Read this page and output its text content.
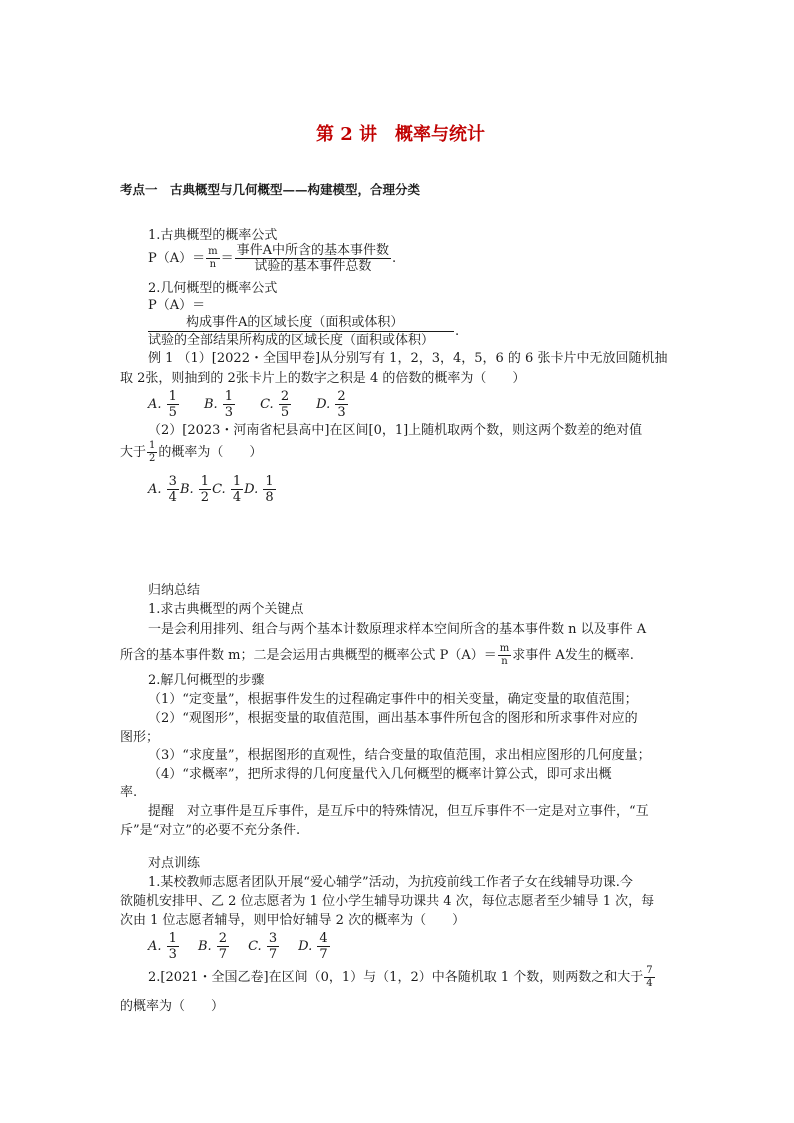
第 2 讲　概率与统计
考点一　古典概型与几何概型——构建模型，合理分类
1.古典概型的概率公式
$P(A)= \frac{m}{n} = \frac{\text{事件A中所含的基本事件数}}{\text{试验的基本事件总数}}$ .
2.几何概型的概率公式
P（A）＝
构成事件A的区域长度（面积或体积）
.
试验的全部结果所构成的区域长度（面积或体积）
例 1 （1）[2022・全国甲卷]从分别写有 1，2，3，4，5，6 的 6 张卡片中无放回随机抽
取 2张，则抽到的 2张卡片上的数字之积是 4 的倍数的概率为（　　）
A.
$\frac{1}{5} B$.
$\frac{1}{3} C$.
$\frac{2}{5} D$.
$\frac{2}{3}$
（2）[2023・河南省杞县高中]在区间[0，1]上随机取两个数，则这两个数差的绝对值
大于 $\frac{1}{2}$ 的概率为（　　）
A.
$\frac{3}{4} B$.
$\frac{1}{2} C$.
$\frac{1}{4} D$.
$\frac{1}{8}$
归纳总结
1.求古典概型的两个关键点
一是会利用排列、组合与两个基本计数原理求样本空间所含的基本事件数 n 以及事件 A
所含的基本事件数 m；二是会运用古典概型的概率公式 $P(A)= \frac{m}{n}$ 求事件 A发生的概率.
2.解几何概型的步骤
（1）“定变量”，根据事件发生的过程确定事件中的相关变量，确定变量的取值范围；
（2）“观图形”，根据变量的取值范围，画出基本事件所包含的图形和所求事件对应的
图形；
（3）“求度量”，根据图形的直观性，结合变量的取值范围，求出相应图形的几何度量；
（4）“求概率”，把所求得的几何度量代入几何概型的概率计算公式，即可求出概
率.
提醒　对立事件是互斥事件，是互斥中的特殊情况，但互斥事件不一定是对立事件，“互
斥”是“对立”的必要不充分条件.
对点训练
1.某校教师志愿者团队开展“爱心辅学”活动，为抗疫前线工作者子女在线辅导功课.今
欲随机安排甲、乙 2 位志愿者为 1 位小学生辅导功课共 4 次，每位志愿者至少辅导 1 次，每
次由 1 位志愿者辅导，则甲恰好辅导 2 次的概率为（　　）
A.
$\frac{1}{3} B$.
$\frac{2}{7} C$.
$\frac{3}{7} D$.
$\frac{4}{7}$
2.[2021・全国乙卷]在区间（0，1）与（1，2）中各随机取 1 个数，则两数之和大于 $\frac{7}{4}$
的概率为（　　）
